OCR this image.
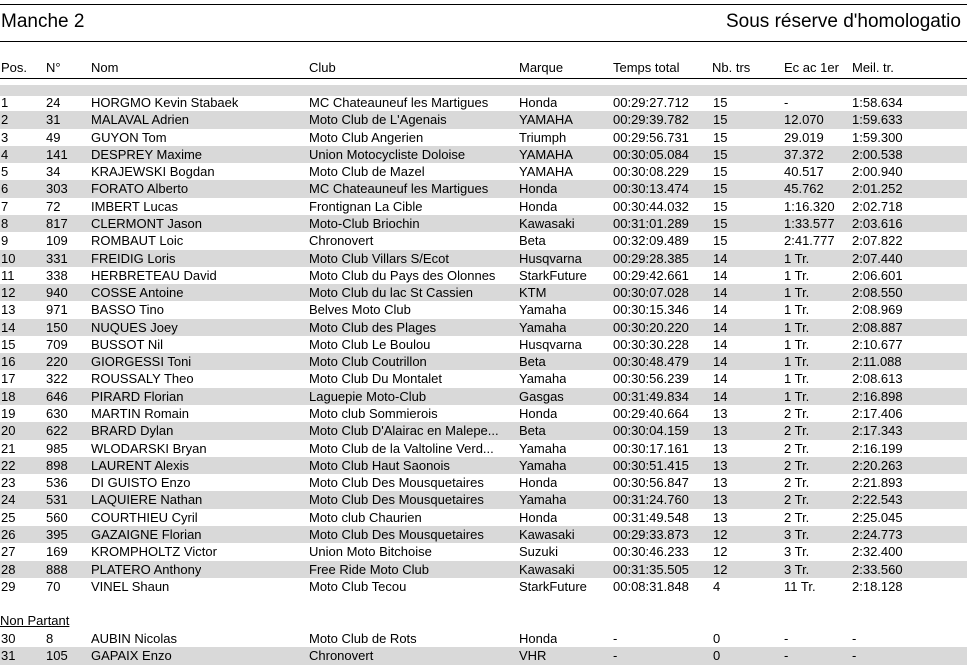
Manche 2	Sous réserve d'homologatio
Pos. N° Nom	Club	Marque	Temps total	Nb. trs	Ec ac 1er Meil. tr.
1	24 HORGMO Kevin Stabaek	MC Chateauneuf les Martigues	Honda	00:29:27.712 15	-	1:58.634
2	31 MALAVAL Adrien	Moto Club de L'Agenais	YAMAHA	00:29:39.782 15	12.070 1:59.633
3	49 GUYON Tom	Moto Club Angerien	Triumph	00:29:56.731 15	29.019 1:59.300
4	141 DESPREY Maxime	Union Motocycliste Doloise	YAMAHA	00:30:05.084 15	37.372 2:00.538
5	34 KRAJEWSKI Bogdan	Moto Club de Mazel	YAMAHA	00:30:08.229 15	40.517 2:00.940
6	303 FORATO Alberto	MC Chateauneuf les Martigues	Honda	00:30:13.474 15	45.762 2:01.252
7	72 IMBERT Lucas	Frontignan La Cible	Honda	00:30:44.032 15	1:16.320 2:02.718
8	817 CLERMONT Jason	Moto-Club Briochin	Kawasaki	00:31:01.289 15	1:33.577 2:03.616
9	109 ROMBAUT Loic	Chronovert	Beta	00:32:09.489 15	2:41.777 2:07.822
10 331 FREIDIG Loris	Moto Club Villars S/Ecot	Husqvarna 00:29:28.385 14	1 Tr.	2:07.440
11 338 HERBRETEAU David	Moto Club du Pays des Olonnes	StarkFuture 00:29:42.661 14	1 Tr.	2:06.601
12 940 COSSE Antoine	Moto Club du lac St Cassien	KTM	00:30:07.028 14	1 Tr.	2:08.550
13 971 BASSO Tino	Belves Moto Club	Yamaha	00:30:15.346 14	1 Tr.	2:08.969
14 150 NUQUES Joey	Moto Club des Plages	Yamaha	00:30:20.220 14	1 Tr.	2:08.887
15 709 BUSSOT Nil	Moto Club Le Boulou	Husqvarna 00:30:30.228 14	1 Tr.	2:10.677
16 220 GIORGESSI Toni	Moto Club Coutrillon	Beta	00:30:48.479 14	1 Tr.	2:11.088
17 322 ROUSSALY Theo	Moto Club Du Montalet	Yamaha	00:30:56.239 14	1 Tr.	2:08.613
18 646 PIRARD Florian	Laguepie Moto-Club	Gasgas	00:31:49.834 14	1 Tr.	2:16.898
19 630 MARTIN Romain	Moto club Sommierois	Honda	00:29:40.664 13	2 Tr.	2:17.406
20 622 BRARD Dylan	Moto Club D'Alairac en Malepe...	Beta	00:30:04.159 13	2 Tr.	2:17.343
21 985 WLODARSKI Bryan	Moto Club de la Valtoline Verd...	Yamaha	00:30:17.161 13	2 Tr.	2:16.199
22 898 LAURENT Alexis	Moto Club Haut Saonois	Yamaha	00:30:51.415 13	2 Tr.	2:20.263
23 536 DI GUISTO Enzo	Moto Club Des Mousquetaires	Honda	00:30:56.847 13	2 Tr.	2:21.893
24 531 LAQUIERE Nathan	Moto Club Des Mousquetaires	Yamaha	00:31:24.760 13	2 Tr.	2:22.543
25 560 COURTHIEU Cyril	Moto club Chaurien	Honda	00:31:49.548 13	2 Tr.	2:25.045
26 395 GAZAIGNE Florian	Moto Club Des Mousquetaires	Kawasaki	00:29:33.873 12	3 Tr.	2:24.773
27 169 KROMPHOLTZ Victor	Union Moto Bitchoise	Suzuki	00:30:46.233 12	3 Tr.	2:32.400
28 888 PLATERO Anthony	Free Ride Moto Club	Kawasaki	00:31:35.505 12	3 Tr.	2:33.560
29 70 VINEL Shaun	Moto Club Tecou	StarkFuture 00:08:31.848 4	11 Tr.	2:18.128
Non Partant
30 8	AUBIN Nicolas	Moto Club de Rots	Honda	-	0	-	-
31 105 GAPAIX Enzo	Chronovert	VHR	-	0	-	-
